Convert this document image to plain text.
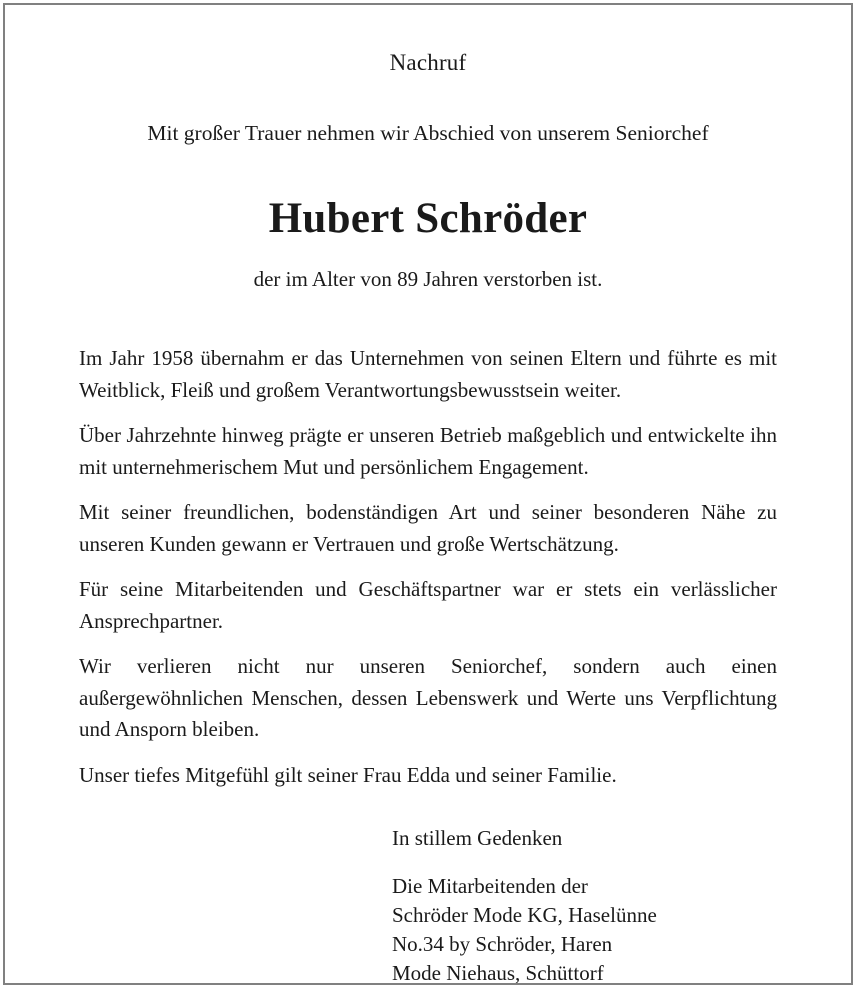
Nachruf
Mit großer Trauer nehmen wir Abschied von unserem Seniorchef
Hubert Schröder
der im Alter von 89 Jahren verstorben ist.

Im Jahr 1958 übernahm er das Unternehmen von seinen Eltern und führte es mit Weitblick, Fleiß und großem Verantwortungsbewusstsein weiter.

Über Jahrzehnte hinweg prägte er unseren Betrieb maßgeblich und entwickelte ihn mit unternehmerischem Mut und persönlichem Engagement.

Mit seiner freundlichen, bodenständigen Art und seiner besonderen Nähe zu unseren Kunden gewann er Vertrauen und große Wertschätzung.

Für seine Mitarbeitenden und Geschäftspartner war er stets ein verlässlicher Ansprechpartner.

Wir verlieren nicht nur unseren Seniorchef, sondern auch einen außergewöhnlichen Menschen, dessen Lebenswerk und Werte uns Verpflichtung und Ansporn bleiben.

Unser tiefes Mitgefühl gilt seiner Frau Edda und seiner Familie.

In stillem Gedenken
Die Mitarbeitenden der
Schröder Mode KG, Haselünne
No.34 by Schröder, Haren
Mode Niehaus, Schüttorf
